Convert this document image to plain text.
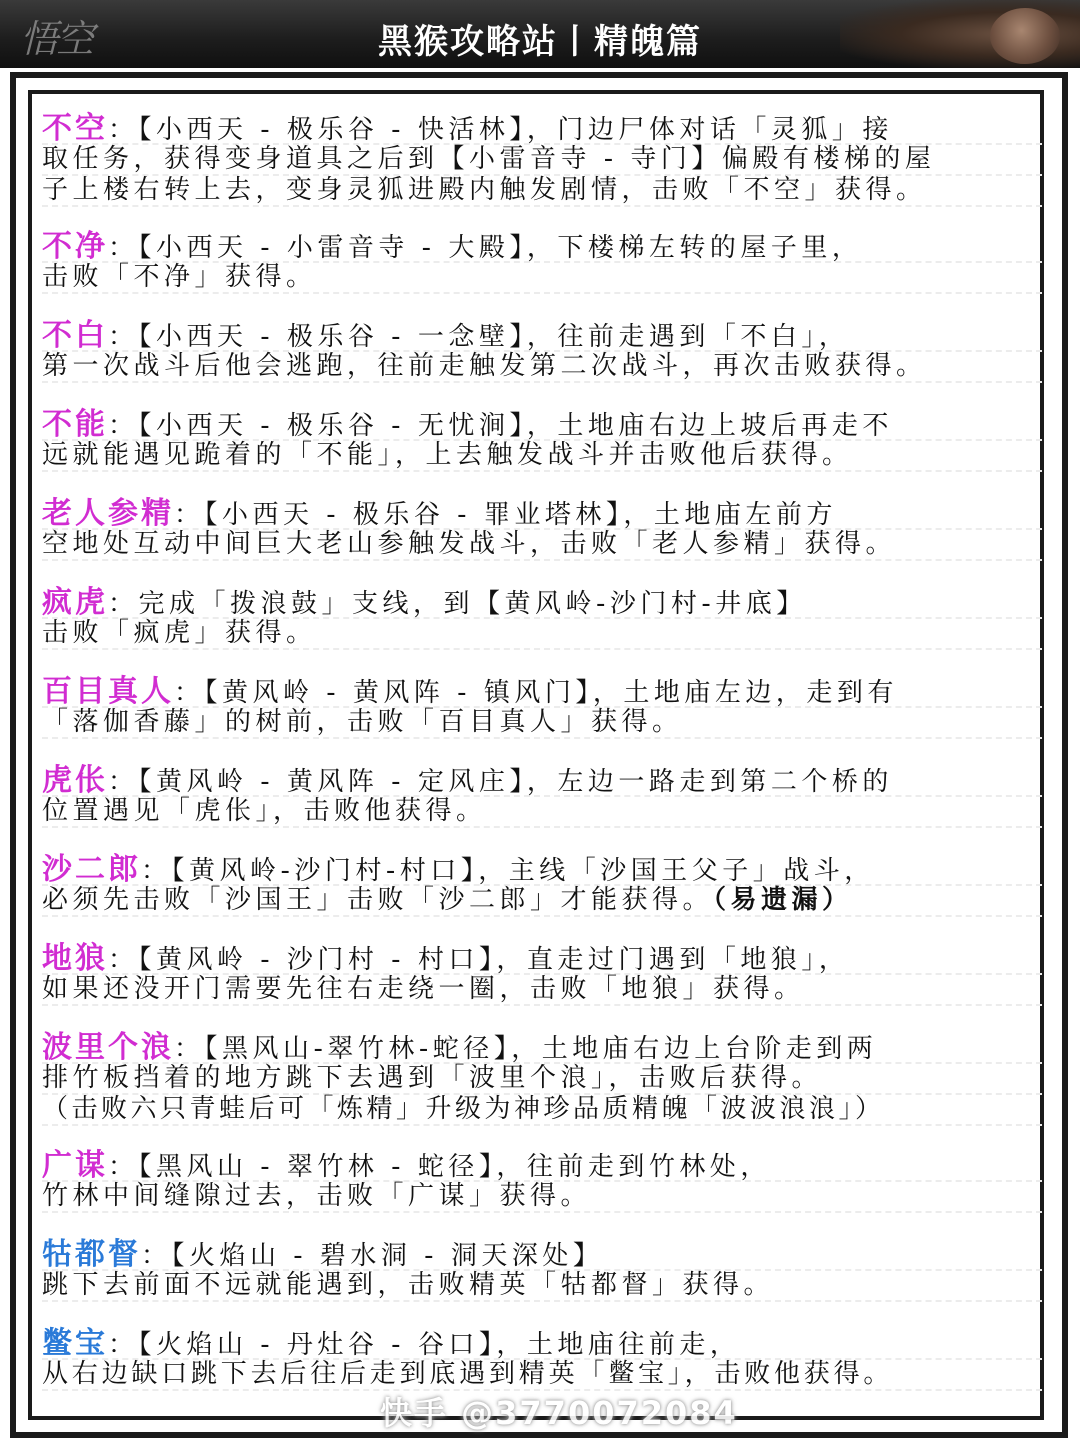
悟空	黑猴攻略站丨精魄篇
不空：【小西天 - 极乐谷 - 快活林】，门边尸体对话「灵狐」接
取任务，获得变身道具之后到【小雷音寺 - 寺门】偏殿有楼梯的屋
子上楼右转上去，变身灵狐进殿内触发剧情，击败「不空」获得。
不净：【小西天 - 小雷音寺 - 大殿】，下楼梯左转的屋子里，
击败「不净」获得。
不白：【小西天 - 极乐谷 - 一念壁】，往前走遇到「不白」，
第一次战斗后他会逃跑，往前走触发第二次战斗，再次击败获得。
不能：【小西天 - 极乐谷 - 无忧涧】，土地庙右边上坡后再走不
远就能遇见跪着的「不能」，上去触发战斗并击败他后获得。
老人参精：【小西天 - 极乐谷 - 罪业塔林】，土地庙左前方
空地处互动中间巨大老山参触发战斗，击败「老人参精」获得。
疯虎：完成「拨浪鼓」支线，到【黄风岭-沙门村-井底】
击败「疯虎」获得。
百目真人：【黄风岭 - 黄风阵 - 镇风门】，土地庙左边，走到有
「落伽香藤」的树前，击败「百目真人」获得。
虎伥：【黄风岭 - 黄风阵 - 定风庄】，左边一路走到第二个桥的
位置遇见「虎伥」，击败他获得。
沙二郎：【黄风岭-沙门村-村口】，主线「沙国王父子」战斗，
必须先击败「沙国王」击败「沙二郎」才能获得。（易遗漏）
地狼：【黄风岭 - 沙门村 - 村口】，直走过门遇到「地狼」，
如果还没开门需要先往右走绕一圈，击败「地狼」获得。
波里个浪：【黑风山-翠竹林-蛇径】，土地庙右边上台阶走到两
排竹板挡着的地方跳下去遇到「波里个浪」，击败后获得。
（击败六只青蛙后可「炼精」升级为神珍品质精魄「波波浪浪」）
广谋：【黑风山 - 翠竹林 - 蛇径】，往前走到竹林处，
竹林中间缝隙过去，击败「广谋」获得。
牯都督：【火焰山 - 碧水洞 - 洞天深处】
跳下去前面不远就能遇到，击败精英「牯都督」获得。
鳖宝：【火焰山 - 丹灶谷 - 谷口】，土地庙往前走，
从右边缺口跳下去后往后走到底遇到精英「鳖宝」，击败他获得。
快手 @3770072084
